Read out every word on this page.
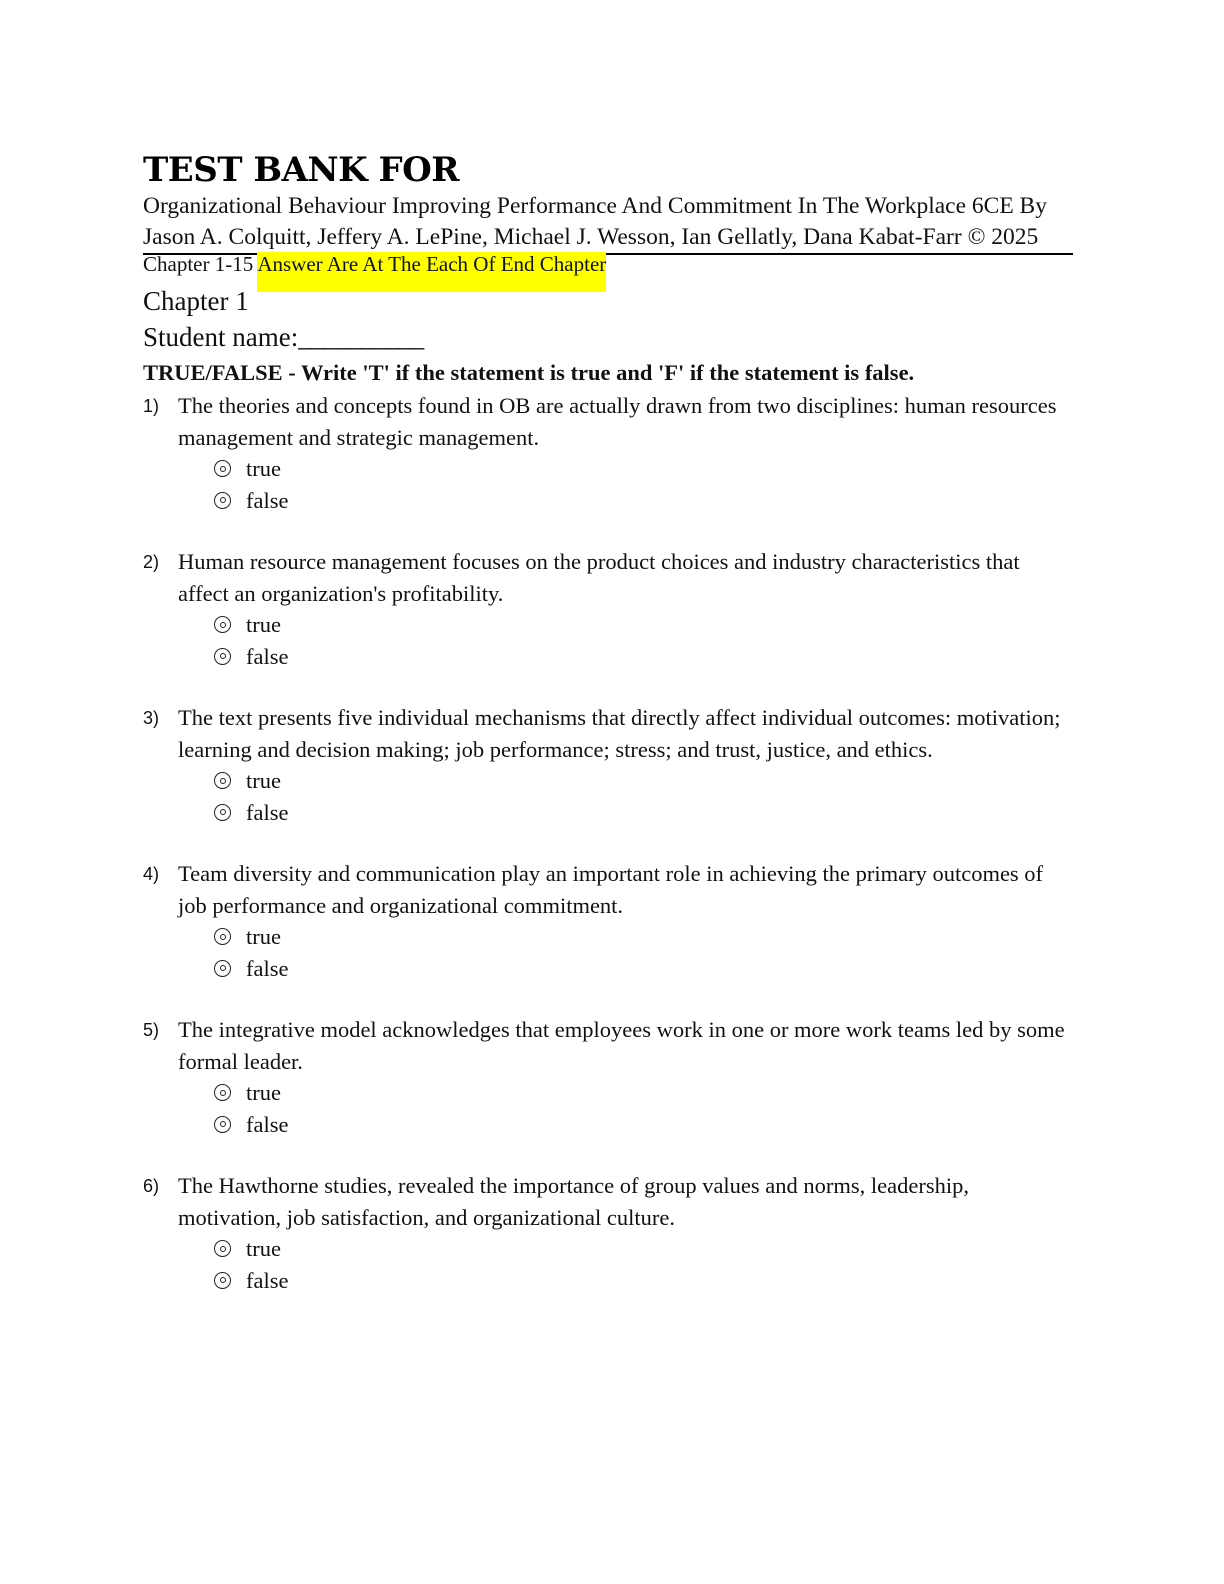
TEST BANK FOR
Organizational Behaviour Improving Performance And Commitment In The Workplace 6CE By
Jason A. Colquitt, Jeffery A. LePine, Michael J. Wesson, Ian Gellatly, Dana Kabat-Farr © 2025
Chapter 1-15 Answer Are At The Each Of End Chapter
Chapter 1
Student name:__________
TRUE/FALSE - Write 'T' if the statement is true and 'F' if the statement is false.
1) The theories and concepts found in OB are actually drawn from two disciplines: human resources management and strategic management.
true
false
2) Human resource management focuses on the product choices and industry characteristics that affect an organization's profitability.
true
false
3) The text presents five individual mechanisms that directly affect individual outcomes: motivation; learning and decision making; job performance; stress; and trust, justice, and ethics.
true
false
4) Team diversity and communication play an important role in achieving the primary outcomes of job performance and organizational commitment.
true
false
5) The integrative model acknowledges that employees work in one or more work teams led by some formal leader.
true
false
6) The Hawthorne studies, revealed the importance of group values and norms, leadership, motivation, job satisfaction, and organizational culture.
true
false
